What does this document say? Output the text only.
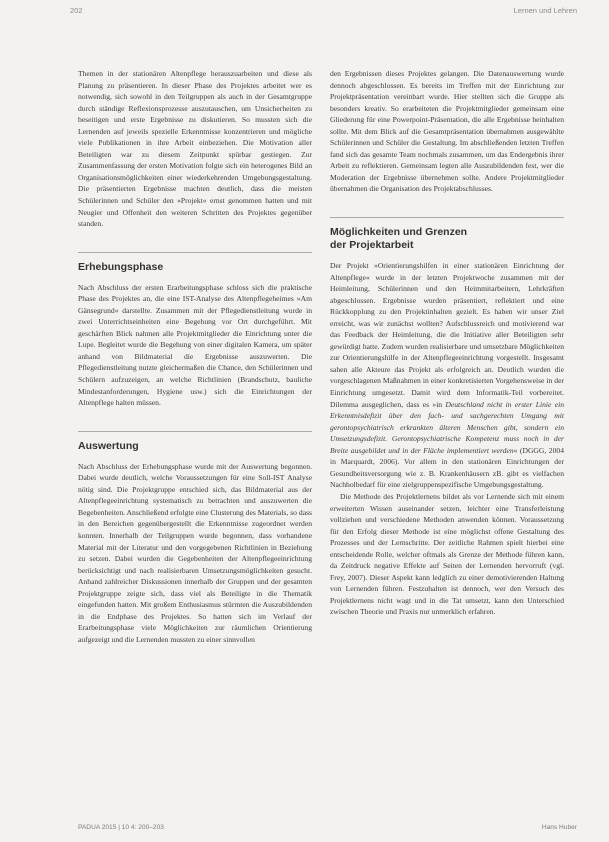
202	Lernen und Lehren

Themen in der stationären Altenpflege herauszuarbeiten und diese als Planung zu präsentieren. In dieser Phase des Projektes arbeitet wer es notwendig, sich sowohl in den Teilgruppen als auch in der Gesamtgruppe durch ständige Reflexionsprozesse auszutauschen, um Unsicherheiten zu beseitigen und erste Ergebnisse zu diskutieren. So mussten sich die Lernenden auf jeweils spezielle Erkenntnisse konzentrieren und mögliche viele Publikationen in ihre Arbeit einbeziehen. Die Motivation aller Beteiligten war zu diesem Zeitpunkt spürbar gestiegen. Zur Zusammenfassung der ersten Motivation folgte sich ein heterogenes Bild an Organisationsmöglichkeiten einer wiederkehrenden Umgebungsgestaltung. Die präsentierten Ergebnisse machten deutlich, dass die meisten Schülerinnen und Schüler den »Projekt« ernst genommen hatten und mit Neugier und Offenheit den weiteren Schritten des Projektes gegenüber standen.

Erhebungsphase

Nach Abschluss der ersten Erarbeitungsphase schloss sich die praktische Phase des Projektes an, die eine IST-Analyse des Altenpflegeheimes »Am Gänsegrund« darstellte. Zusammen mit der Pflegedienstleitung wurde in zwei Unterrichtseinheiten eine Begehung vor Ort durchgeführt. Mit geschärften Blick nahmen alle Projektmitglieder die Einrichtung unter die Lupe. Begleitet wurde die Begehung von einer digitalen Kamera, um später anhand von Bildmaterial die Ergebnisse auszuwerten. Die Pflegedienstleitung nutzte gleichermaßen die Chance, den Schülerinnen und Schülern aufzuzeigen, an welche Richtlinien (Brandschutz, bauliche Mindestanforderungen, Hygiene usw.) sich die Einrichtungen der Altenpflege halten müssen.

Auswertung

Nach Abschluss der Erhebungsphase wurde mit der Auswertung begonnen. Dabei wurde deutlich, welche Voraussetzungen für eine Soll-IST Analyse nötig sind. Die Projektgruppe entschied sich, das Bildmaterial aus der Altenpflegeeinrichtung systematisch zu betrachten und auszuwerten die Begebenheiten. Anschließend erfolgte eine Clusterung des Materials, so dass in den Bereichen gegenübergestellt die Erkenntnisse zugeordnet werden konnten. Innerhalb der Teilgruppen wurde begonnen, dass vorhandene Material mit der Literatur und den vorgegebenen Richtlinien in Beziehung zu setzen. Dabei wurden die Gegebenheiten der Altenpflegeeinrichtung berücksichtigt und nach realisierbaren Umsetzungsmöglichkeiten gesucht. Anhand zahlreicher Diskussionen innerhalb der Gruppen und der gesamten Projektgruppe zeigte sich, dass viel als Beteiligte in die Thematik eingefunden hatten. Mit großem Enthusiasmus stürmten die Auszubildenden in die Endphase des Projektes. So hatten sich im Verlauf der Erarbeitungsphase viele Möglichkeiten zur räumlichen Orientierung aufgezeigt und die Lernenden mussten zu einer sinnvollen

den Ergebnissen dieses Projektes gelangen. Die Datenauswertung wurde dennoch abgeschlossen. Es bereits im Treffen mit der Einrichtung zur Projektpräsentation vereinbart wurde. Hier stellten sich die Gruppe als besonders kreativ. So erarbeiteten die Projektmitglieder gemeinsam eine Gliederung für eine Powerpoint-Präsentation, die alle Ergebnisse beinhalten sollte. Mit dem Blick auf die Gesamtpräsentation übernahmen ausgewählte Schülerinnen und Schüler die Gestaltung. Im abschließenden letzten Treffen fand sich das gesamte Team nochmals zusammen, um das Endergebnis ihrer Arbeit zu reflektieren. Gemeinsam legten alle Auszubildenden fest, wer die Moderation der Ergebnisse übernehmen sollte. Andere Projektmitglieder übernahmen die Organisation des Projektabschlusses.

Möglichkeiten und Grenzen
der Projektarbeit

Der Projekt »Orientierungshilfen in einer stationären Einrichtung der Altenpflege« wurde in der letzten Projektwoche zusammen mit der Heimleitung, Schülerinnen und den Heimmitarbeitern, Lehrkräften abgeschlossen. Ergebnisse wurden präsentiert, reflektiert und eine Rückkopplung zu den Projektinhalten gezielt. Es haben wir unser Ziel erreicht, was wir zunächst wollten? Aufschlussreich und motivierend war das Feedback der Heimleitung, die die Initiative aller Beteiligten sehr gewürdigt hatte. Zudem wurden realisierbare und umsetzbare Möglichkeiten zur Orientierungshilfe in der Altenpflegeeinrichtung vorgestellt. Insgesamt sahen alle Akteure das Projekt als erfolgreich an. Deutlich wurden die vorgeschlagenen Maßnahmen in einer konkretisierten Vorgehensweise in der Einrichtung umgesetzt. Damit wird dem Informatik-Teil vorbereitet. Dilemma ausgeglichen, dass es »in Deutschland nicht in erster Linie ein Erkenntnisdefizit über den fach- und sachgerechten Umgang mit gerontopsychiatrisch erkrankten älteren Menschen gibt, sondern ein Umsetzungsdefizit. Gerontopsychiatrische Kompetenz muss noch in der Breite ausgebildet und in der Fläche implementiert werden« (DGGG, 2004 in Marquardt, 2006). Vor allem in den stationären Einrichtungen der Gesundheitsversorgung wie z. B. Krankenhäusern zB. gibt es vielfachen Nachholbedarf für eine zielgruppenspezifische Umgebungsgestaltung.

Die Methode des Projektlernens bildet als vor Lernende sich mit einem erweiterten Wissen auseinander setzen, leichter eine Transferleistung vollziehen und verschiedene Methoden anwenden können. Voraussetzung für den Erfolg dieser Methode ist eine möglichst offene Gestaltung des Prozesses und der Lernschritte. Der zeitliche Rahmen spielt hierbei eine entscheidende Rolle, welcher oftmals als Grenze der Methode führen kann, da Zeitdruck negative Effekte auf Seiten der Lernenden hervorruft (vgl. Frey, 2007). Dieser Aspekt kann ledglich zu einer demotivierenden Haltung von Lernenden führen. Festzuhalten ist dennoch, wer den Versuch des Projektlernens nicht wagt und in die Tat umsetzt, kann den Unterschied zwischen Theorie und Praxis nur unmerklich erfahren.

PADUA 2015 | 10 4: 200–203	Hans Huber
